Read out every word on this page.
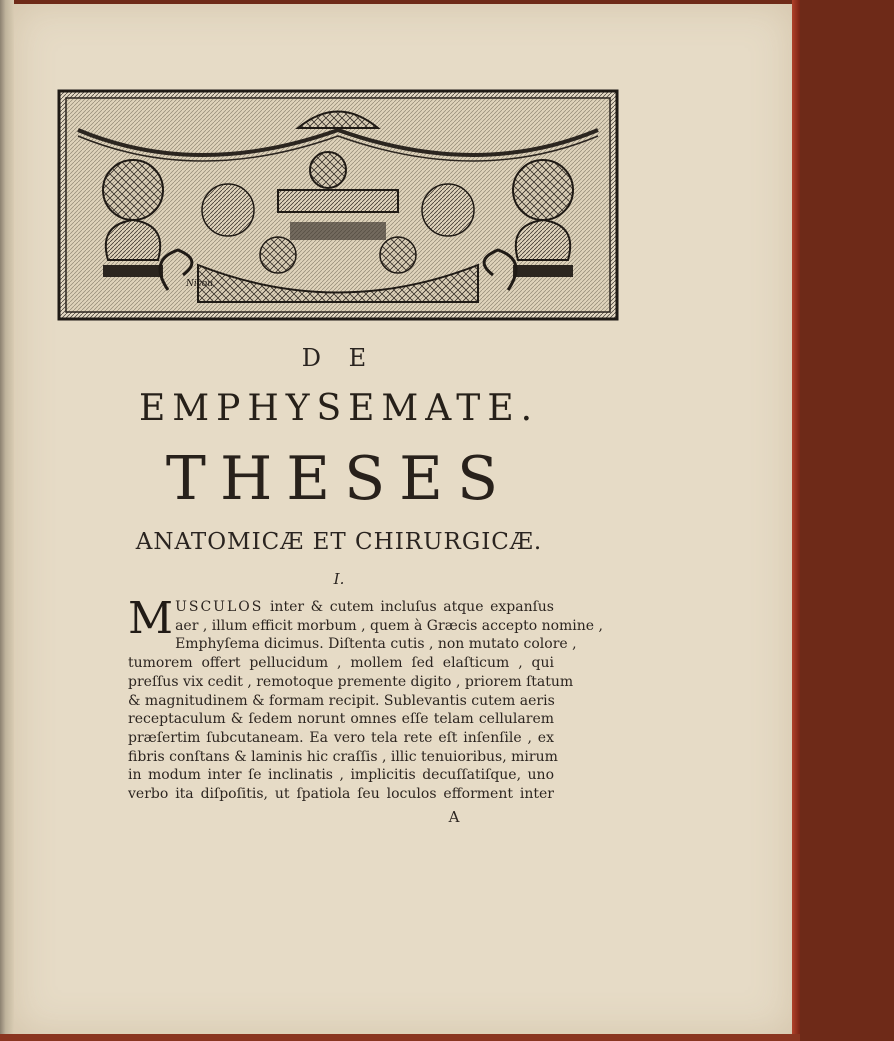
Nicou
D E
EMPHYSEMATE.
THESES
ANATOMICÆ ET CHIRURGICÆ.
I.
M USCULOS inter & cutem incluſus atque expanſus
aer , illum efficit morbum , quem à Græcis accepto nomine ,
Emphyſema dicimus. Diſtenta cutis , non mutato colore ,
tumorem offert pellucidum , mollem ſed elaſticum , qui
preſſus vix cedit , remotoque premente digito , priorem ſtatum
& magnitudinem & formam recipit. Sublevantis cutem aeris
receptaculum & ſedem norunt omnes eſſe telam cellularem
præſertim ſubcutaneam. Ea vero tela rete eſt inſenſile , ex
fibris conſtans & laminis hic craſſis , illic tenuioribus, mirum
in modum inter ſe inclinatis , implicitis decuſſatiſque, uno
verbo ita diſpoſitis, ut ſpatiola ſeu loculos efforment inter
A
